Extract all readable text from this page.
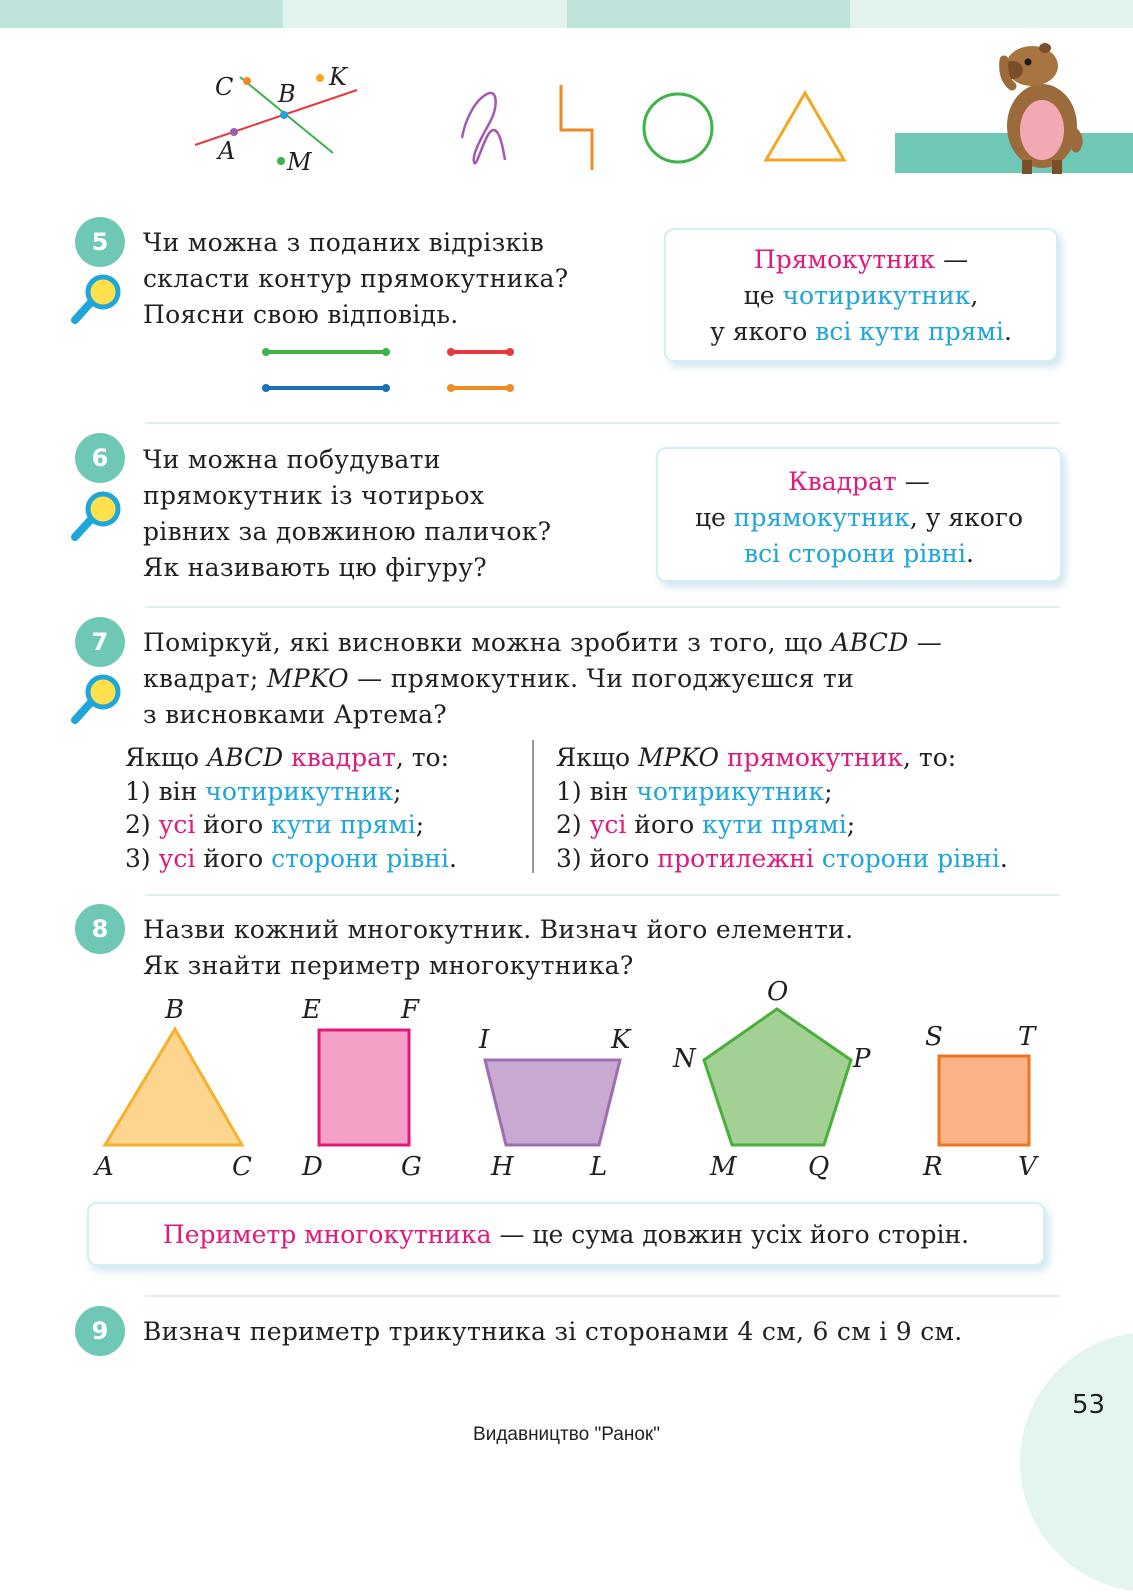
C B
K
A M
5	Чи можна з поданих відрізків

скласти контур прямокутника?

Поясни свою відповідь.

Прямокутник —
це чотирикутник,
у якого всі кути прямі.
6	Чи можна побудувати

прямокутник із чотирьох

рівних за довжиною паличок?

Як називають цю фігуру?

Квадрат —
це прямокутник, у якого
всі сторони рівні.
7	Поміркуй, які висновки можна зробити з того, що ABCD —

квадрат; MPKO — прямокутник. Чи погоджуєшся ти

з висновками Артема?

Якщо ABCD квадрат, то:

1) він чотирикутник;

2) усі його кути прямі;

3) усі його сторони рівні.

Якщо MPKO прямокутник, то:

1) він чотирикутник;

2) усі його кути прямі;

3) його протилежні сторони рівні.

8	Назви кожний многокутник. Визнач його елементи.

Як знайти периметр многокутника?

B
A	C
E	F
D	G
I	K
H	L
O
N	P
M	Q
S	T
R	V
Периметр многокутника — це сума довжин усіх його сторін.
9	Визнач периметр трикутника зі сторонами 4 см, 6 см і 9 см.
53
Видавництво "Ранок"
